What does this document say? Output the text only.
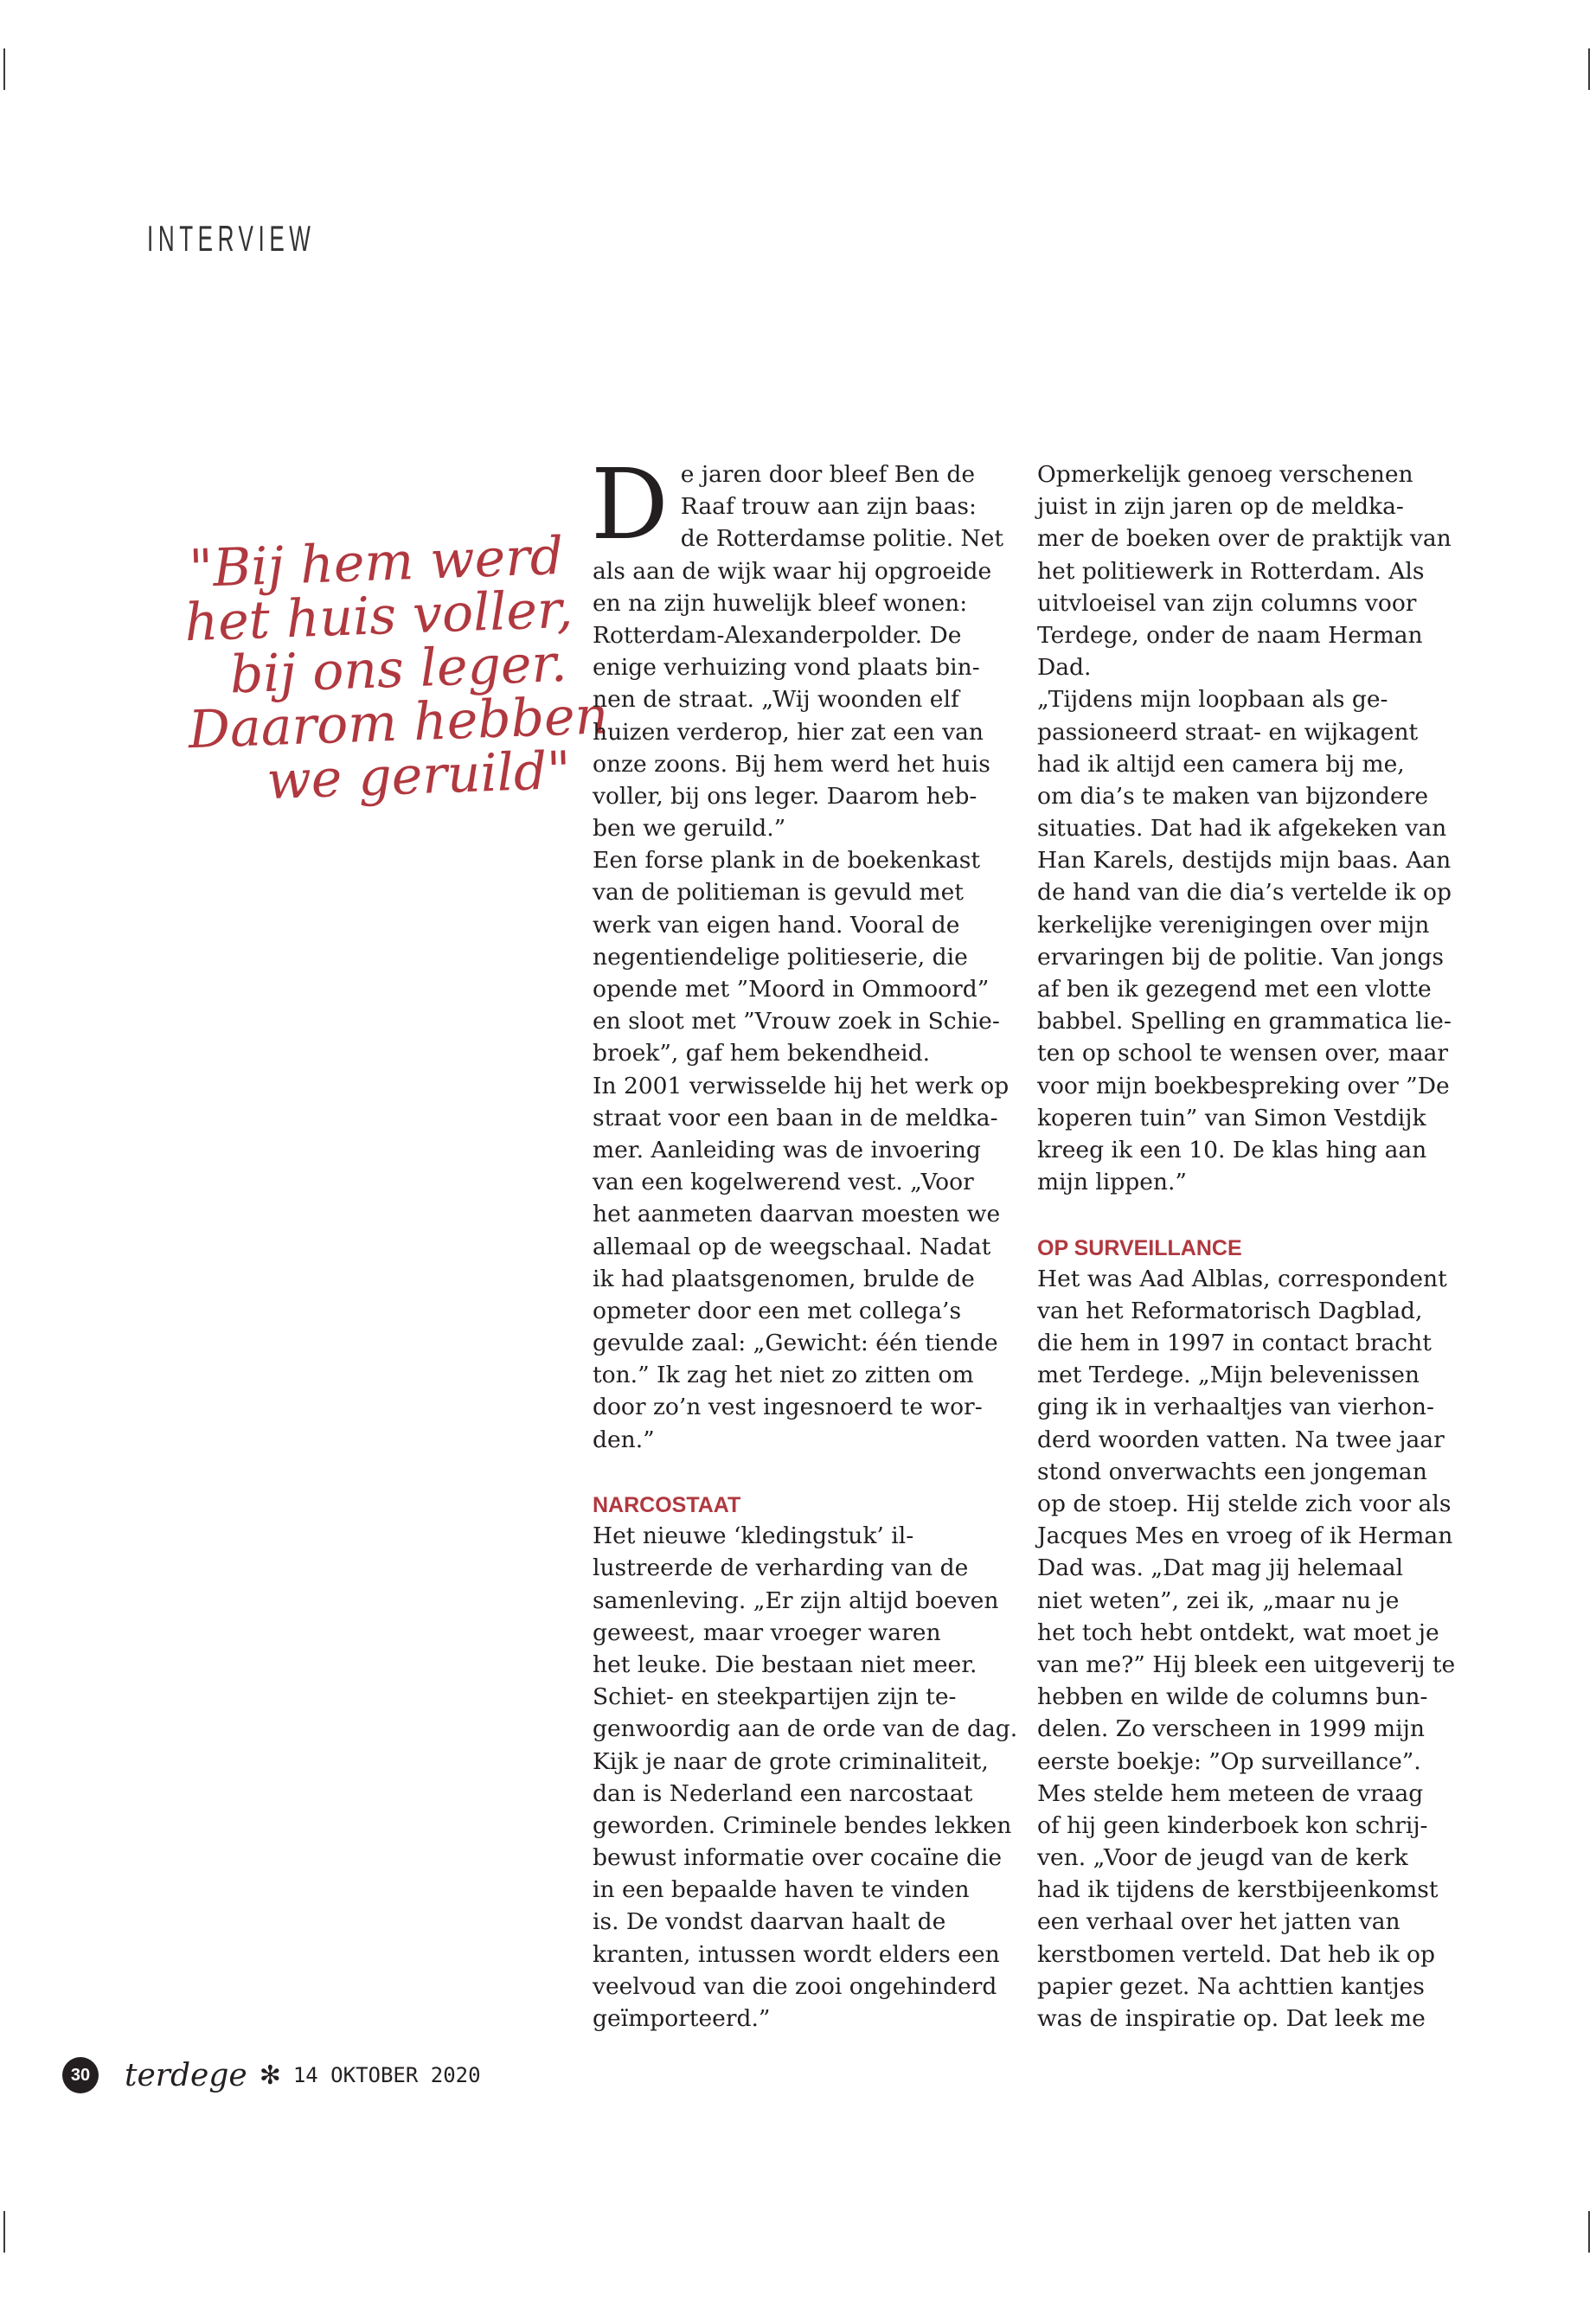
INTERVIEW
"Bij hem werd
het huis voller,
bij ons leger.
Daarom hebben
we geruild"
D e jaren door bleef Ben de
Raaf trouw aan zijn baas:
de Rotterdamse politie. Net
als aan de wijk waar hij opgroeide
en na zijn huwelijk bleef wonen:
Rotterdam-Alexanderpolder. De
enige verhuizing vond plaats bin-
nen de straat. „Wij woonden elf
huizen verderop, hier zat een van
onze zoons. Bij hem werd het huis
voller, bij ons leger. Daarom heb-
ben we geruild.”
Een forse plank in de boekenkast
van de politieman is gevuld met
werk van eigen hand. Vooral de
negentiendelige politieserie, die
opende met ”Moord in Ommoord”
en sloot met ”Vrouw zoek in Schie-
broek”, gaf hem bekendheid.
In 2001 verwisselde hij het werk op
straat voor een baan in de meldka-
mer. Aanleiding was de invoering
van een kogelwerend vest. „Voor
het aanmeten daarvan moesten we
allemaal op de weegschaal. Nadat
ik had plaatsgenomen, brulde de
opmeter door een met collega’s
gevulde zaal: „Gewicht: één tiende
ton.” Ik zag het niet zo zitten om
door zo’n vest ingesnoerd te wor-
den.”
NARCOSTAAT
Het nieuwe ‘kledingstuk’ il-
lustreerde de verharding van de
samenleving. „Er zijn altijd boeven
geweest, maar vroeger waren
het leuke. Die bestaan niet meer.
Schiet- en steekpartijen zijn te-
genwoordig aan de orde van de dag.
Kijk je naar de grote criminaliteit,
dan is Nederland een narcostaat
geworden. Criminele bendes lekken
bewust informatie over cocaïne die
in een bepaalde haven te vinden
is. De vondst daarvan haalt de
kranten, intussen wordt elders een
veelvoud van die zooi ongehinderd
geïmporteerd.”
Opmerkelijk genoeg verschenen
juist in zijn jaren op de meldka-
mer de boeken over de praktijk van
het politiewerk in Rotterdam. Als
uitvloeisel van zijn columns voor
Terdege, onder de naam Herman
Dad.
„Tijdens mijn loopbaan als ge-
passioneerd straat- en wijkagent
had ik altijd een camera bij me,
om dia’s te maken van bijzondere
situaties. Dat had ik afgekeken van
Han Karels, destijds mijn baas. Aan
de hand van die dia’s vertelde ik op
kerkelijke verenigingen over mijn
ervaringen bij de politie. Van jongs
af ben ik gezegend met een vlotte
babbel. Spelling en grammatica lie-
ten op school te wensen over, maar
voor mijn boekbespreking over ”De
koperen tuin” van Simon Vestdijk
kreeg ik een 10. De klas hing aan
mijn lippen.”
OP SURVEILLANCE
Het was Aad Alblas, correspondent
van het Reformatorisch Dagblad,
die hem in 1997 in contact bracht
met Terdege. „Mijn belevenissen
ging ik in verhaaltjes van vierhon-
derd woorden vatten. Na twee jaar
stond onverwachts een jongeman
op de stoep. Hij stelde zich voor als
Jacques Mes en vroeg of ik Herman
Dad was. „Dat mag jij helemaal
niet weten”, zei ik, „maar nu je
het toch hebt ontdekt, wat moet je
van me?” Hij bleek een uitgeverij te
hebben en wilde de columns bun-
delen. Zo verscheen in 1999 mijn
eerste boekje: ”Op surveillance”.
Mes stelde hem meteen de vraag
of hij geen kinderboek kon schrij-
ven. „Voor de jeugd van de kerk
had ik tijdens de kerstbijeenkomst
een verhaal over het jatten van
kerstbomen verteld. Dat heb ik op
papier gezet. Na achttien kantjes
was de inspiratie op. Dat leek me
30 terdege ✻ 14 OKTOBER 2020
